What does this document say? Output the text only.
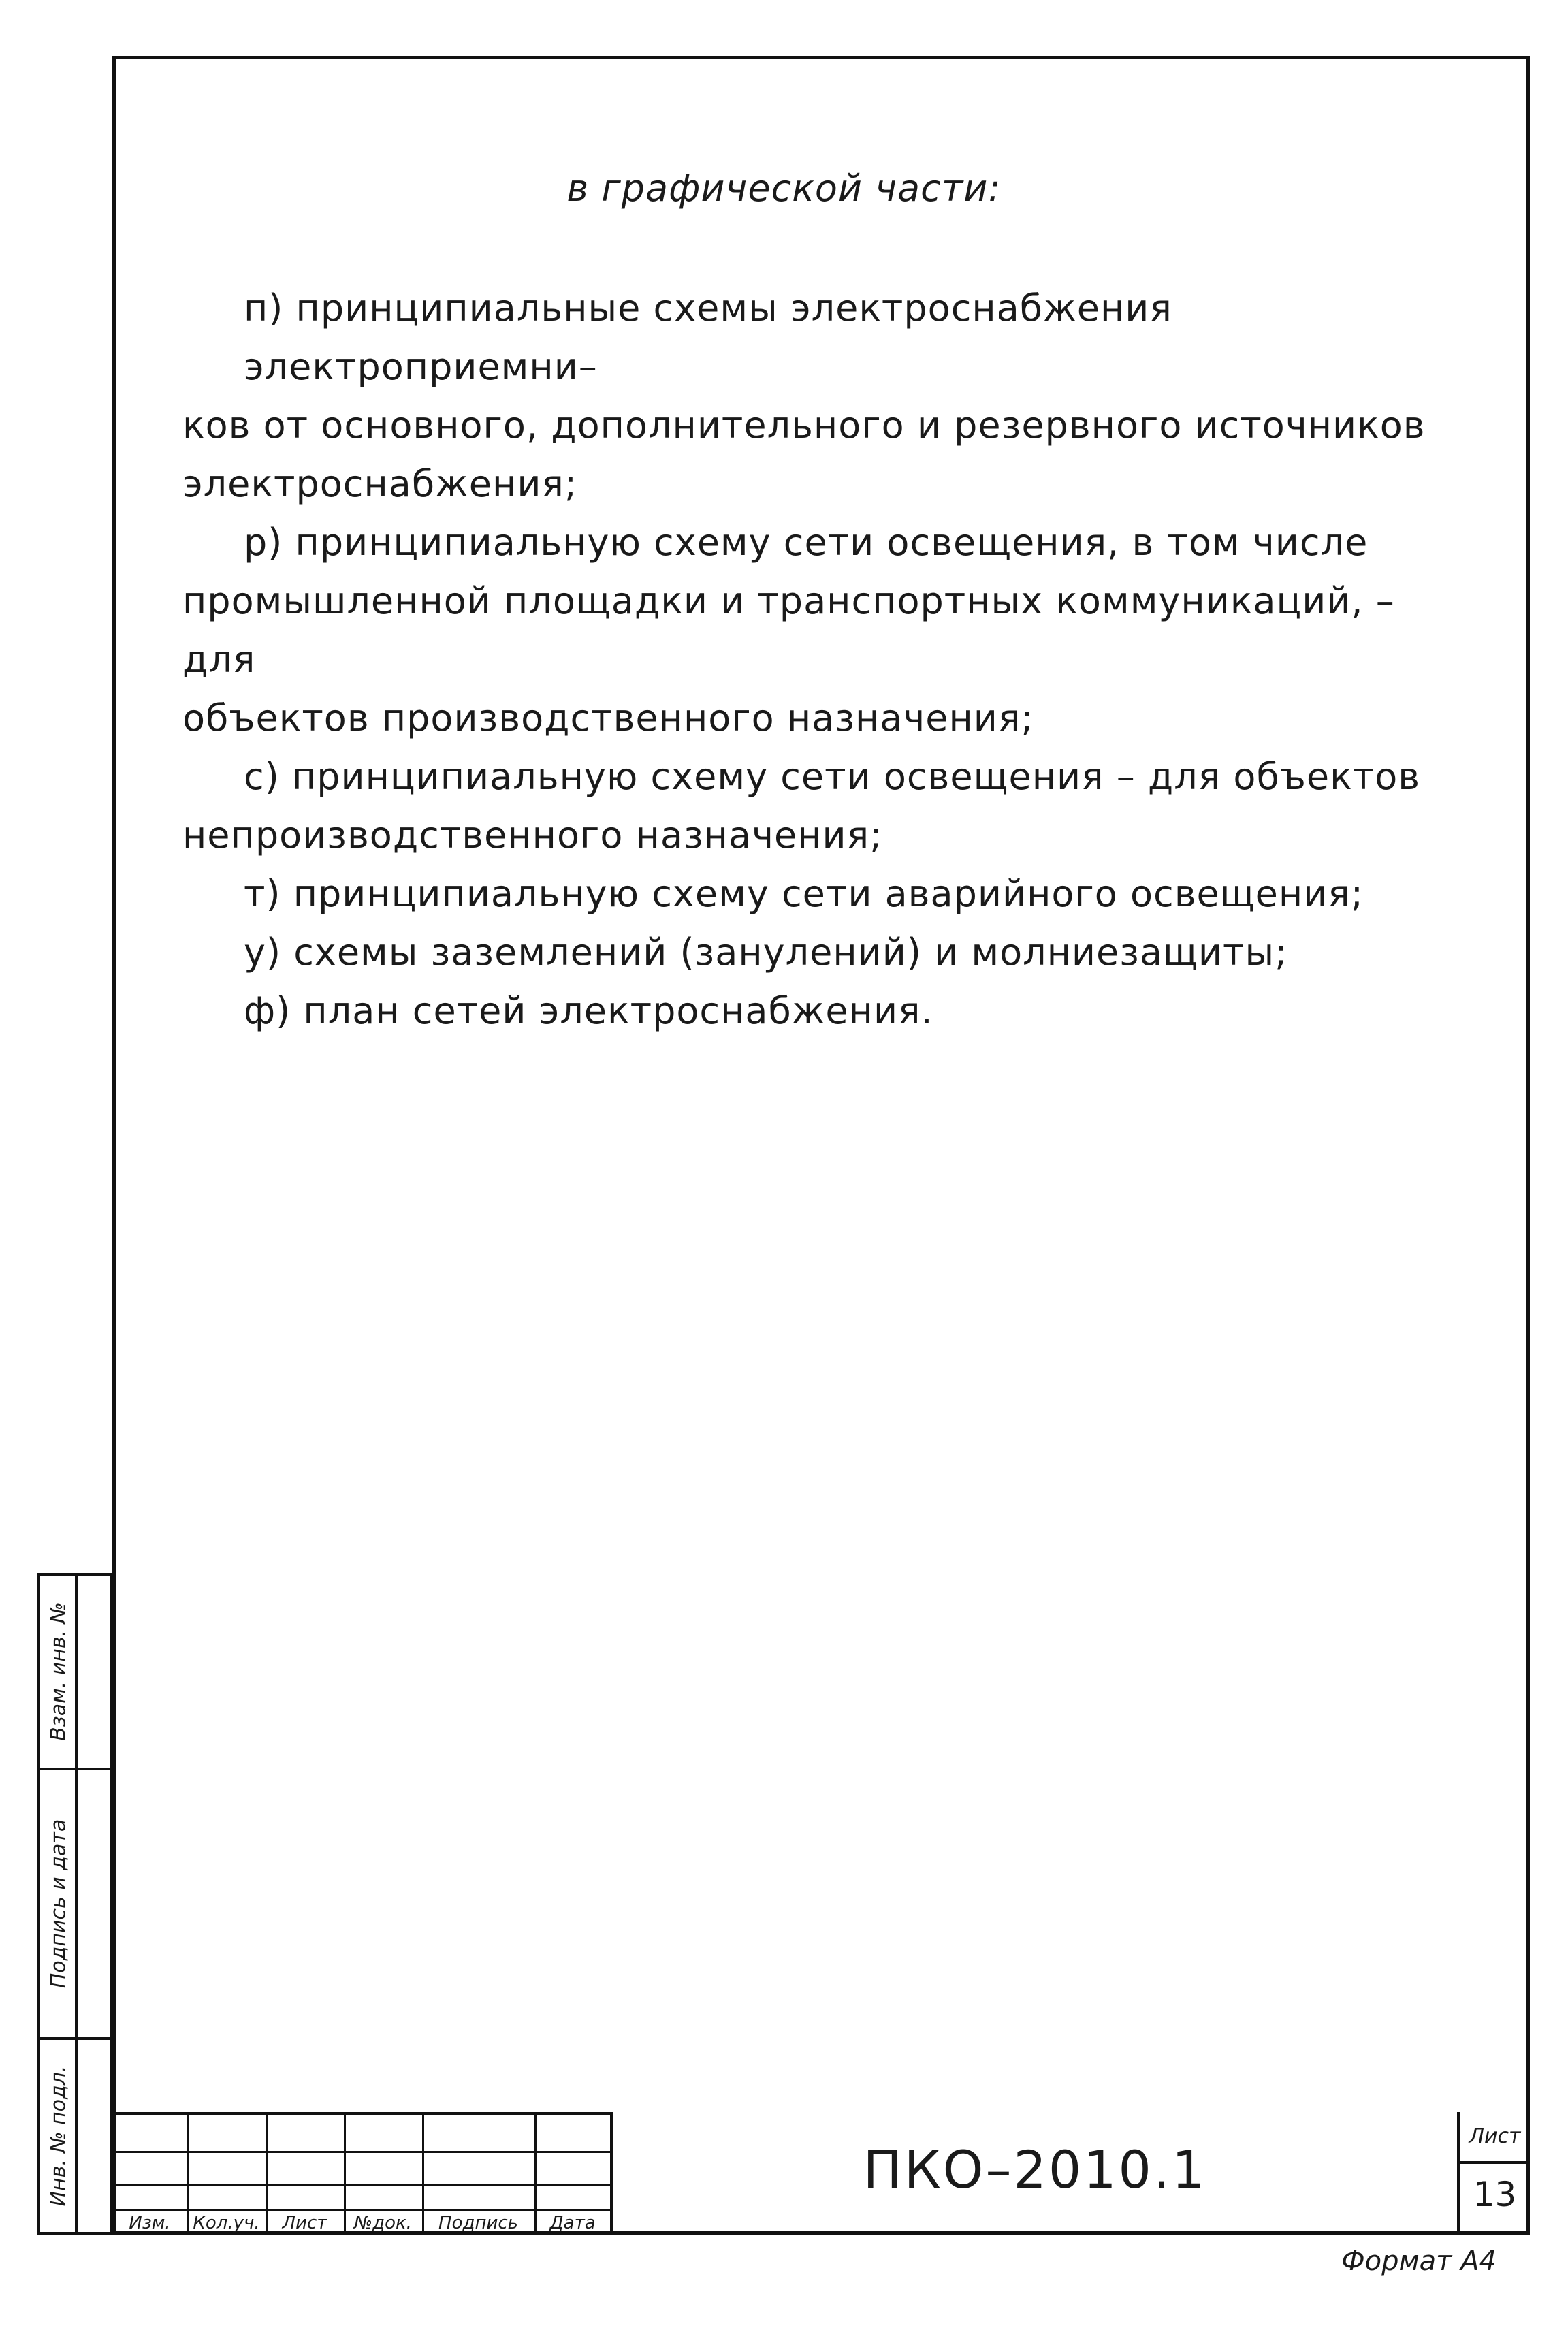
в графической части:

п) принципиальные схемы электроснабжения электроприемни–

ков от основного, дополнительного и резервного источников

электроснабжения;

р) принципиальную схему сети освещения, в том числе

промышленной площадки и транспортных коммуникаций, – для

объектов производственного назначения;

с) принципиальную схему сети освещения – для объектов

непроизводственного назначения;

т) принципиальную схему сети аварийного освещения;

у) схемы заземлений (занулений) и молниезащиты;

ф) план сетей электроснабжения.

Взам. инв. №
Подпись и дата
Инв. № подл.
Изм.	Кол.уч.	Лист	№док.	Подпись	Дата
ПКО–2010.1
Лист
13
Формат А4
